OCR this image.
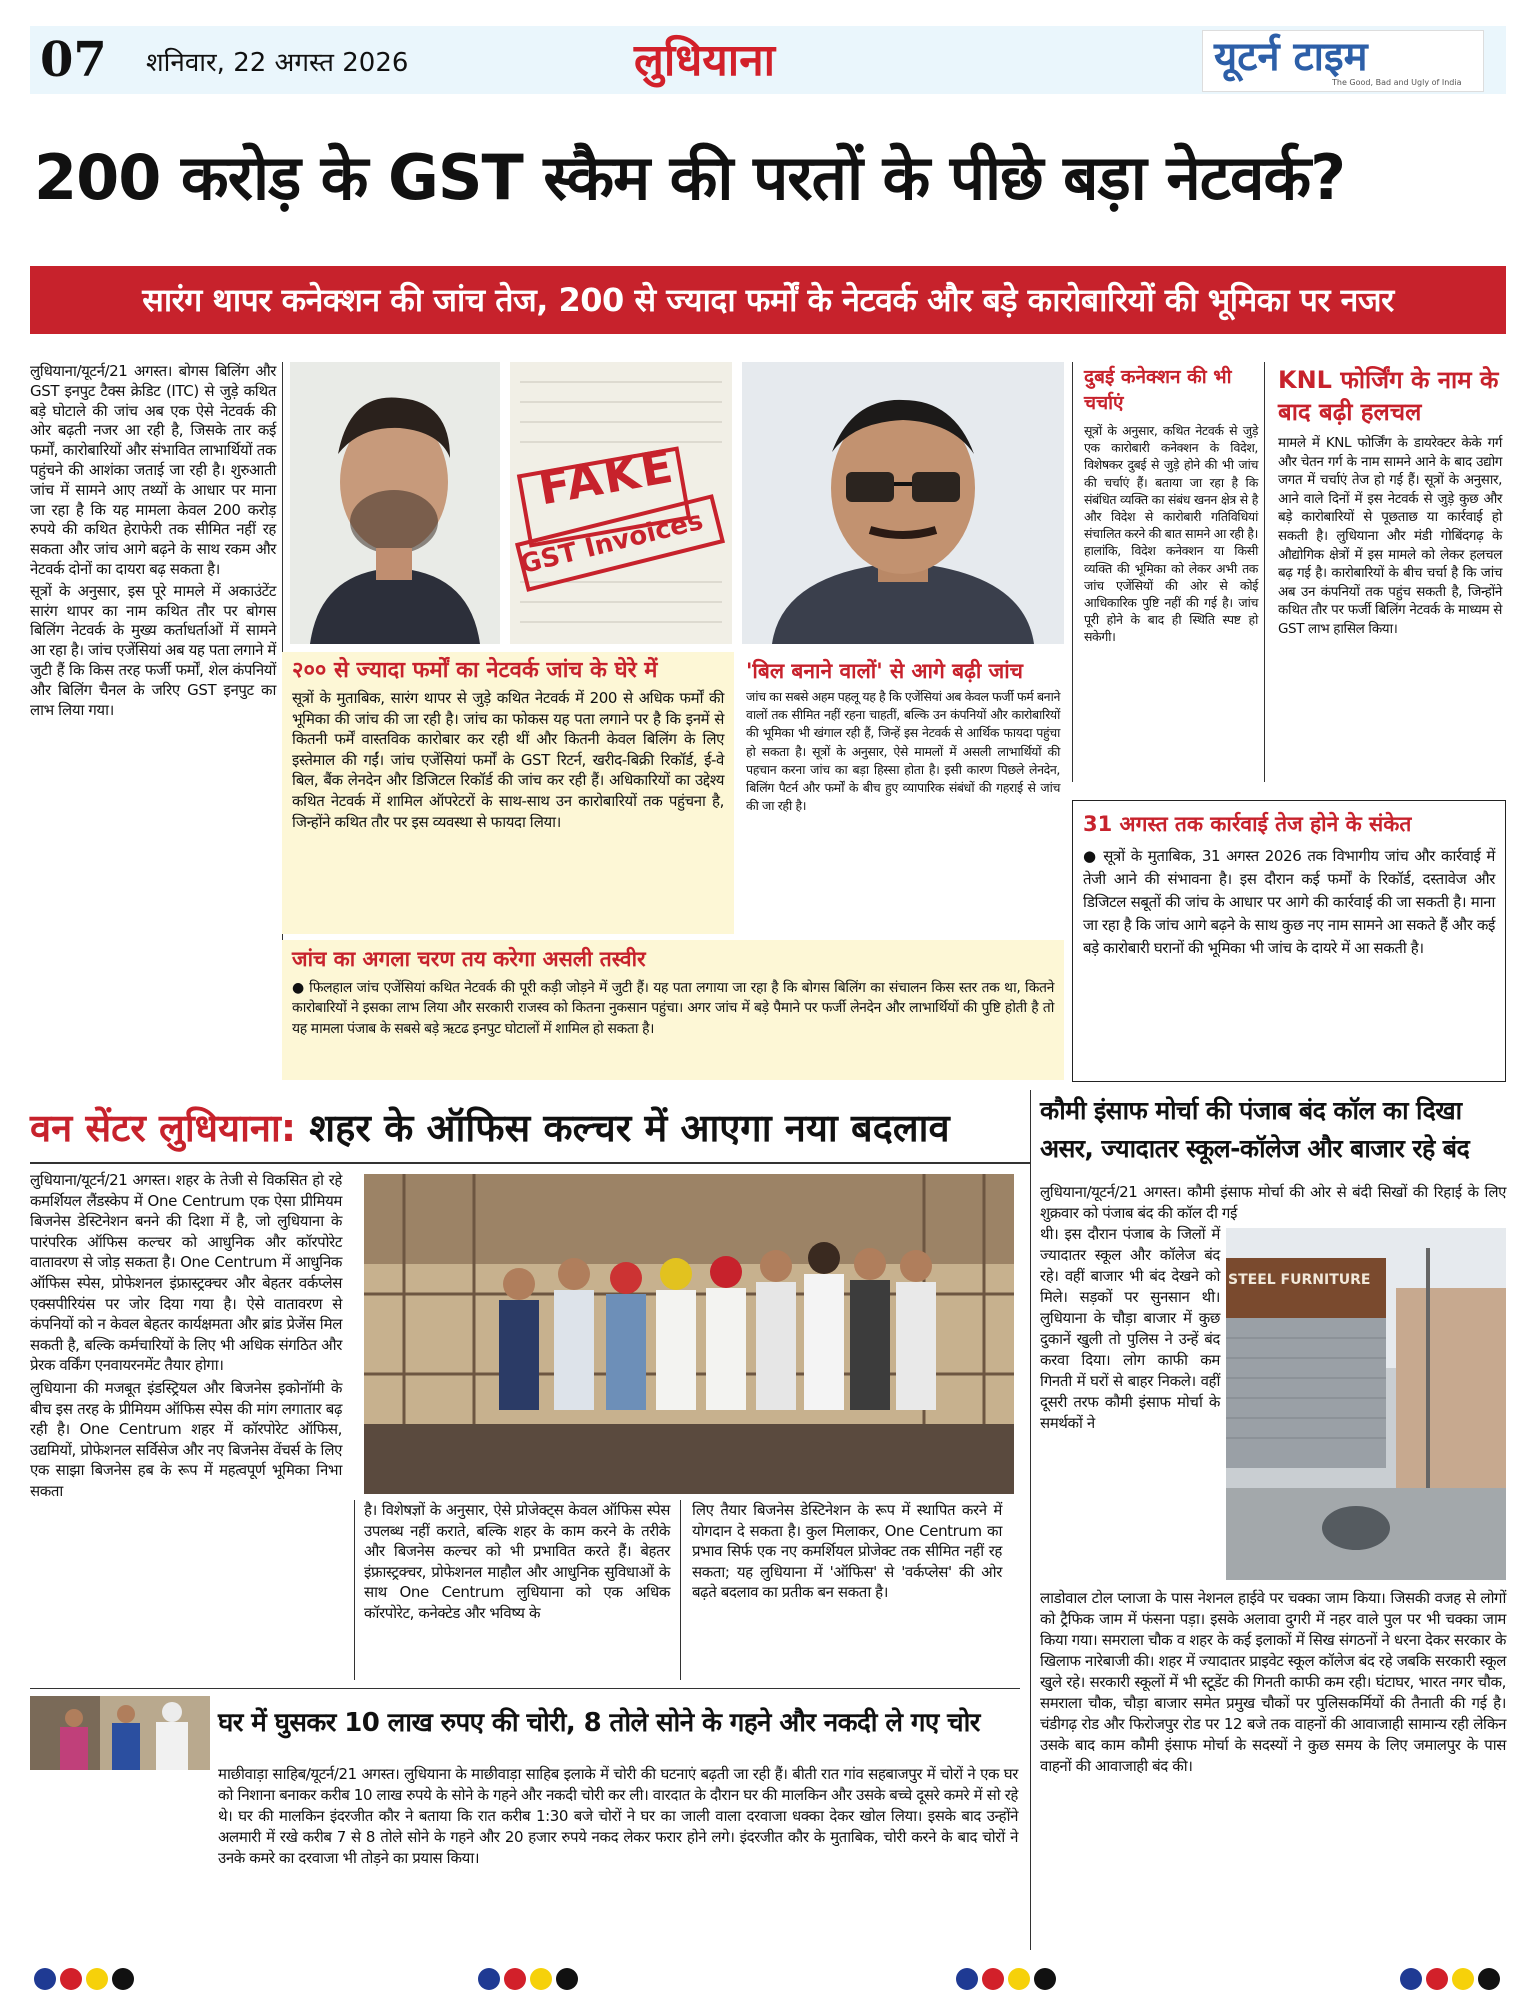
07 शनिवार, 22 अगस्त 2026	लुधियाना	यूटर्न टाइम
The Good, Bad and Ugly of India
200 करोड़ के GST स्कैम की परतों के पीछे बड़ा नेटवर्क?
सारंग थापर कनेक्शन की जांच तेज, 200 से ज्यादा फर्मों के नेटवर्क और बड़े कारोबारियों की भूमिका पर नजर

लुधियाना/यूटर्न/21 अगस्त। बोगस बिलिंग और GST इनपुट टैक्स क्रेडिट (ITC) से जुड़े कथित बड़े घोटाले की जांच अब एक ऐसे नेटवर्क की ओर बढ़ती नजर आ रही है, जिसके तार कई फर्मों, कारोबारियों और संभावित लाभार्थियों तक पहुंचने की आशंका जताई जा रही है। शुरुआती जांच में सामने आए तथ्यों के आधार पर माना जा रहा है कि यह मामला केवल 200 करोड़ रुपये की कथित हेराफेरी तक सीमित नहीं रह सकता और जांच आगे बढ़ने के साथ रकम और नेटवर्क दोनों का दायरा बढ़ सकता है।

सूत्रों के अनुसार, इस पूरे मामले में अकाउंटेंट सारंग थापर का नाम कथित तौर पर बोगस बिलिंग नेटवर्क के मुख्य कर्ताधर्ताओं में सामने आ रहा है। जांच एजेंसियां अब यह पता लगाने में जुटी हैं कि किस तरह फर्जी फर्मों, शेल कंपनियों और बिलिंग चैनल के जरिए GST इनपुट का लाभ लिया गया।

FAKE
GST Invoices
२०० से ज्यादा फर्मों का नेटवर्क जांच के घेरे में
सूत्रों के मुताबिक, सारंग थापर से जुड़े कथित नेटवर्क में 200 से अधिक फर्मों की भूमिका की जांच की जा रही है। जांच का फोकस यह पता लगाने पर है कि इनमें से कितनी फर्में वास्तविक कारोबार कर रही थीं और कितनी केवल बिलिंग के लिए इस्तेमाल की गईं। जांच एजेंसियां फर्मों के GST रिटर्न, खरीद-बिक्री रिकॉर्ड, ई-वे बिल, बैंक लेनदेन और डिजिटल रिकॉर्ड की जांच कर रही हैं। अधिकारियों का उद्देश्य कथित नेटवर्क में शामिल ऑपरेटरों के साथ-साथ उन कारोबारियों तक पहुंचना है, जिन्होंने कथित तौर पर इस व्यवस्था से फायदा लिया।
'बिल बनाने वालों' से आगे बढ़ी जांच
जांच का सबसे अहम पहलू यह है कि एजेंसियां अब केवल फर्जी फर्म बनाने वालों तक सीमित नहीं रहना चाहतीं, बल्कि उन कंपनियों और कारोबारियों की भूमिका भी खंगाल रही हैं, जिन्हें इस नेटवर्क से आर्थिक फायदा पहुंचा हो सकता है। सूत्रों के अनुसार, ऐसे मामलों में असली लाभार्थियों की पहचान करना जांच का बड़ा हिस्सा होता है। इसी कारण पिछले लेनदेन, बिलिंग पैटर्न और फर्मों के बीच हुए व्यापारिक संबंधों की गहराई से जांच की जा रही है।
दुबई कनेक्शन की भी चर्चाएं
सूत्रों के अनुसार, कथित नेटवर्क से जुड़े एक कारोबारी कनेक्शन के विदेश, विशेषकर दुबई से जुड़े होने की भी जांच की चर्चाएं हैं। बताया जा रहा है कि संबंधित व्यक्ति का संबंध खनन क्षेत्र से है और विदेश से कारोबारी गतिविधियां संचालित करने की बात सामने आ रही है। हालांकि, विदेश कनेक्शन या किसी व्यक्ति की भूमिका को लेकर अभी तक जांच एजेंसियों की ओर से कोई आधिकारिक पुष्टि नहीं की गई है। जांच पूरी होने के बाद ही स्थिति स्पष्ट हो सकेगी।
KNL फोर्जिंग के नाम के बाद बढ़ी हलचल
मामले में KNL फोर्जिंग के डायरेक्टर केके गर्ग और चेतन गर्ग के नाम सामने आने के बाद उद्योग जगत में चर्चाएं तेज हो गई हैं। सूत्रों के अनुसार, आने वाले दिनों में इस नेटवर्क से जुड़े कुछ और बड़े कारोबारियों से पूछताछ या कार्रवाई हो सकती है। लुधियाना और मंडी गोबिंदगढ़ के औद्योगिक क्षेत्रों में इस मामले को लेकर हलचल बढ़ गई है। कारोबारियों के बीच चर्चा है कि जांच अब उन कंपनियों तक पहुंच सकती है, जिन्होंने कथित तौर पर फर्जी बिलिंग नेटवर्क के माध्यम से GST लाभ हासिल किया।
जांच का अगला चरण तय करेगा असली तस्वीर
● फिलहाल जांच एजेंसियां कथित नेटवर्क की पूरी कड़ी जोड़ने में जुटी हैं। यह पता लगाया जा रहा है कि बोगस बिलिंग का संचालन किस स्तर तक था, कितने कारोबारियों ने इसका लाभ लिया और सरकारी राजस्व को कितना नुकसान पहुंचा। अगर जांच में बड़े पैमाने पर फर्जी लेनदेन और लाभार्थियों की पुष्टि होती है तो यह मामला पंजाब के सबसे बड़े ऋटढ इनपुट घोटालों में शामिल हो सकता है।
31 अगस्त तक कार्रवाई तेज होने के संकेत
● सूत्रों के मुताबिक, 31 अगस्त 2026 तक विभागीय जांच और कार्रवाई में तेजी आने की संभावना है। इस दौरान कई फर्मों के रिकॉर्ड, दस्तावेज और डिजिटल सबूतों की जांच के आधार पर आगे की कार्रवाई की जा सकती है। माना जा रहा है कि जांच आगे बढ़ने के साथ कुछ नए नाम सामने आ सकते हैं और कई बड़े कारोबारी घरानों की भूमिका भी जांच के दायरे में आ सकती है।
वन सेंटर लुधियाना: शहर के ऑफिस कल्चर में आएगा नया बदलाव

लुधियाना/यूटर्न/21 अगस्त। शहर के तेजी से विकसित हो रहे कमर्शियल लैंडस्केप में One Centrum एक ऐसा प्रीमियम बिजनेस डेस्टिनेशन बनने की दिशा में है, जो लुधियाना के पारंपरिक ऑफिस कल्चर को आधुनिक और कॉरपोरेट वातावरण से जोड़ सकता है। One Centrum में आधुनिक ऑफिस स्पेस, प्रोफेशनल इंफ्रास्ट्रक्चर और बेहतर वर्कप्लेस एक्सपीरियंस पर जोर दिया गया है। ऐसे वातावरण से कंपनियों को न केवल बेहतर कार्यक्षमता और ब्रांड प्रेजेंस मिल सकती है, बल्कि कर्मचारियों के लिए भी अधिक संगठित और प्रेरक वर्किंग एनवायरनमेंट तैयार होगा।

लुधियाना की मजबूत इंडस्ट्रियल और बिजनेस इकोनॉमी के बीच इस तरह के प्रीमियम ऑफिस स्पेस की मांग लगातार बढ़ रही है। One Centrum शहर में कॉरपोरेट ऑफिस, उद्यमियों, प्रोफेशनल सर्विसेज और नए बिजनेस वेंचर्स के लिए एक साझा बिजनेस हब के रूप में महत्वपूर्ण भूमिका निभा सकता

है। विशेषज्ञों के अनुसार, ऐसे प्रोजेक्ट्स केवल ऑफिस स्पेस उपलब्ध नहीं कराते, बल्कि शहर के काम करने के तरीके और बिजनेस कल्चर को भी प्रभावित करते हैं। बेहतर इंफ्रास्ट्रक्चर, प्रोफेशनल माहौल और आधुनिक सुविधाओं के साथ One Centrum लुधियाना को एक अधिक कॉरपोरेट, कनेक्टेड और भविष्य के
लिए तैयार बिजनेस डेस्टिनेशन के रूप में स्थापित करने में योगदान दे सकता है। कुल मिलाकर, One Centrum का प्रभाव सिर्फ एक नए कमर्शियल प्रोजेक्ट तक सीमित नहीं रह सकता; यह लुधियाना में 'ऑफिस' से 'वर्कप्लेस' की ओर बढ़ते बदलाव का प्रतीक बन सकता है।
घर में घुसकर 10 लाख रुपए की चोरी, 8 तोले सोने के गहने और नकदी ले गए चोर
माछीवाड़ा साहिब/यूटर्न/21 अगस्त। लुधियाना के माछीवाड़ा साहिब इलाके में चोरी की घटनाएं बढ़ती जा रही हैं। बीती रात गांव सहबाजपुर में चोरों ने एक घर को निशाना बनाकर करीब 10 लाख रुपये के सोने के गहने और नकदी चोरी कर ली। वारदात के दौरान घर की मालकिन और उसके बच्चे दूसरे कमरे में सो रहे थे। घर की मालकिन इंदरजीत कौर ने बताया कि रात करीब 1:30 बजे चोरों ने घर का जाली वाला दरवाजा धक्का देकर खोल लिया। इसके बाद उन्होंने अलमारी में रखे करीब 7 से 8 तोले सोने के गहने और 20 हजार रुपये नकद लेकर फरार होने लगे। इंदरजीत कौर के मुताबिक, चोरी करने के बाद चोरों ने उनके कमरे का दरवाजा भी तोड़ने का प्रयास किया।
कौमी इंसाफ मोर्चा की पंजाब बंद कॉल का दिखा असर, ज्यादातर स्कूल-कॉलेज और बाजार रहे बंद
लुधियाना/यूटर्न/21 अगस्त। कौमी इंसाफ मोर्चा की ओर से बंदी सिखों की रिहाई के लिए शुक्रवार को पंजाब बंद की कॉल दी गई
थी। इस दौरान पंजाब के जिलों में ज्यादातर स्कूल और कॉलेज बंद रहे। वहीं बाजार भी बंद देखने को मिले। सड़कों पर सुनसान थी। लुधियाना के चौड़ा बाजार में कुछ दुकानें खुली तो पुलिस ने उन्हें बंद करवा दिया। लोग काफी कम गिनती में घरों से बाहर निकले। वहीं दूसरी तरफ कौमी इंसाफ मोर्चा के समर्थकों ने
STEEL FURNITURE
लाडोवाल टोल प्लाजा के पास नेशनल हाईवे पर चक्का जाम किया। जिसकी वजह से लोगों को ट्रैफिक जाम में फंसना पड़ा। इसके अलावा दुगरी में नहर वाले पुल पर भी चक्का जाम किया गया। समराला चौक व शहर के कई इलाकों में सिख संगठनों ने धरना देकर सरकार के खिलाफ नारेबाजी की। शहर में ज्यादातर प्राइवेट स्कूल कॉलेज बंद रहे जबकि सरकारी स्कूल खुले रहे। सरकारी स्कूलों में भी स्टूडेंट की गिनती काफी कम रही। घंटाघर, भारत नगर चौक, समराला चौक, चौड़ा बाजार समेत प्रमुख चौकों पर पुलिसकर्मियों की तैनाती की गई है। चंडीगढ़ रोड और फिरोजपुर रोड पर 12 बजे तक वाहनों की आवाजाही सामान्य रही लेकिन उसके बाद काम कौमी इंसाफ मोर्चा के सदस्यों ने कुछ समय के लिए जमालपुर के पास वाहनों की आवाजाही बंद की।
